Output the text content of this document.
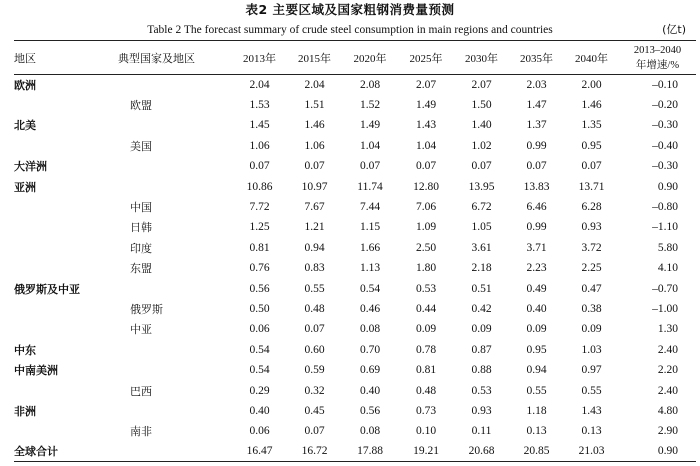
表2 主要区域及国家粗钢消费量预测
Table 2 The forecast summary of crude steel consumption in main regions and countries	(亿t)
地区	典型国家及地区	2013年	2015年	2020年	2025年	2030年	2035年	2040年	2013–2040
年增速/%

欧洲		2.04	2.04	2.08	2.07	2.07	2.03	2.00	–0.10
	欧盟	1.53	1.51	1.52	1.49	1.50	1.47	1.46	–0.20
北美		1.45	1.46	1.49	1.43	1.40	1.37	1.35	–0.30
	美国	1.06	1.06	1.04	1.04	1.02	0.99	0.95	–0.40
大洋洲		0.07	0.07	0.07	0.07	0.07	0.07	0.07	–0.30
亚洲		10.86	10.97	11.74	12.80	13.95	13.83	13.71	0.90
	中国	7.72	7.67	7.44	7.06	6.72	6.46	6.28	–0.80
	日韩	1.25	1.21	1.15	1.09	1.05	0.99	0.93	–1.10
	印度	0.81	0.94	1.66	2.50	3.61	3.71	3.72	5.80
	东盟	0.76	0.83	1.13	1.80	2.18	2.23	2.25	4.10
俄罗斯及中亚		0.56	0.55	0.54	0.53	0.51	0.49	0.47	–0.70
	俄罗斯	0.50	0.48	0.46	0.44	0.42	0.40	0.38	–1.00
	中亚	0.06	0.07	0.08	0.09	0.09	0.09	0.09	1.30
中东		0.54	0.60	0.70	0.78	0.87	0.95	1.03	2.40
中南美洲		0.54	0.59	0.69	0.81	0.88	0.94	0.97	2.20
	巴西	0.29	0.32	0.40	0.48	0.53	0.55	0.55	2.40
非洲		0.40	0.45	0.56	0.73	0.93	1.18	1.43	4.80
	南非	0.06	0.07	0.08	0.10	0.11	0.13	0.13	2.90
全球合计		16.47	16.72	17.88	19.21	20.68	20.85	21.03	0.90
